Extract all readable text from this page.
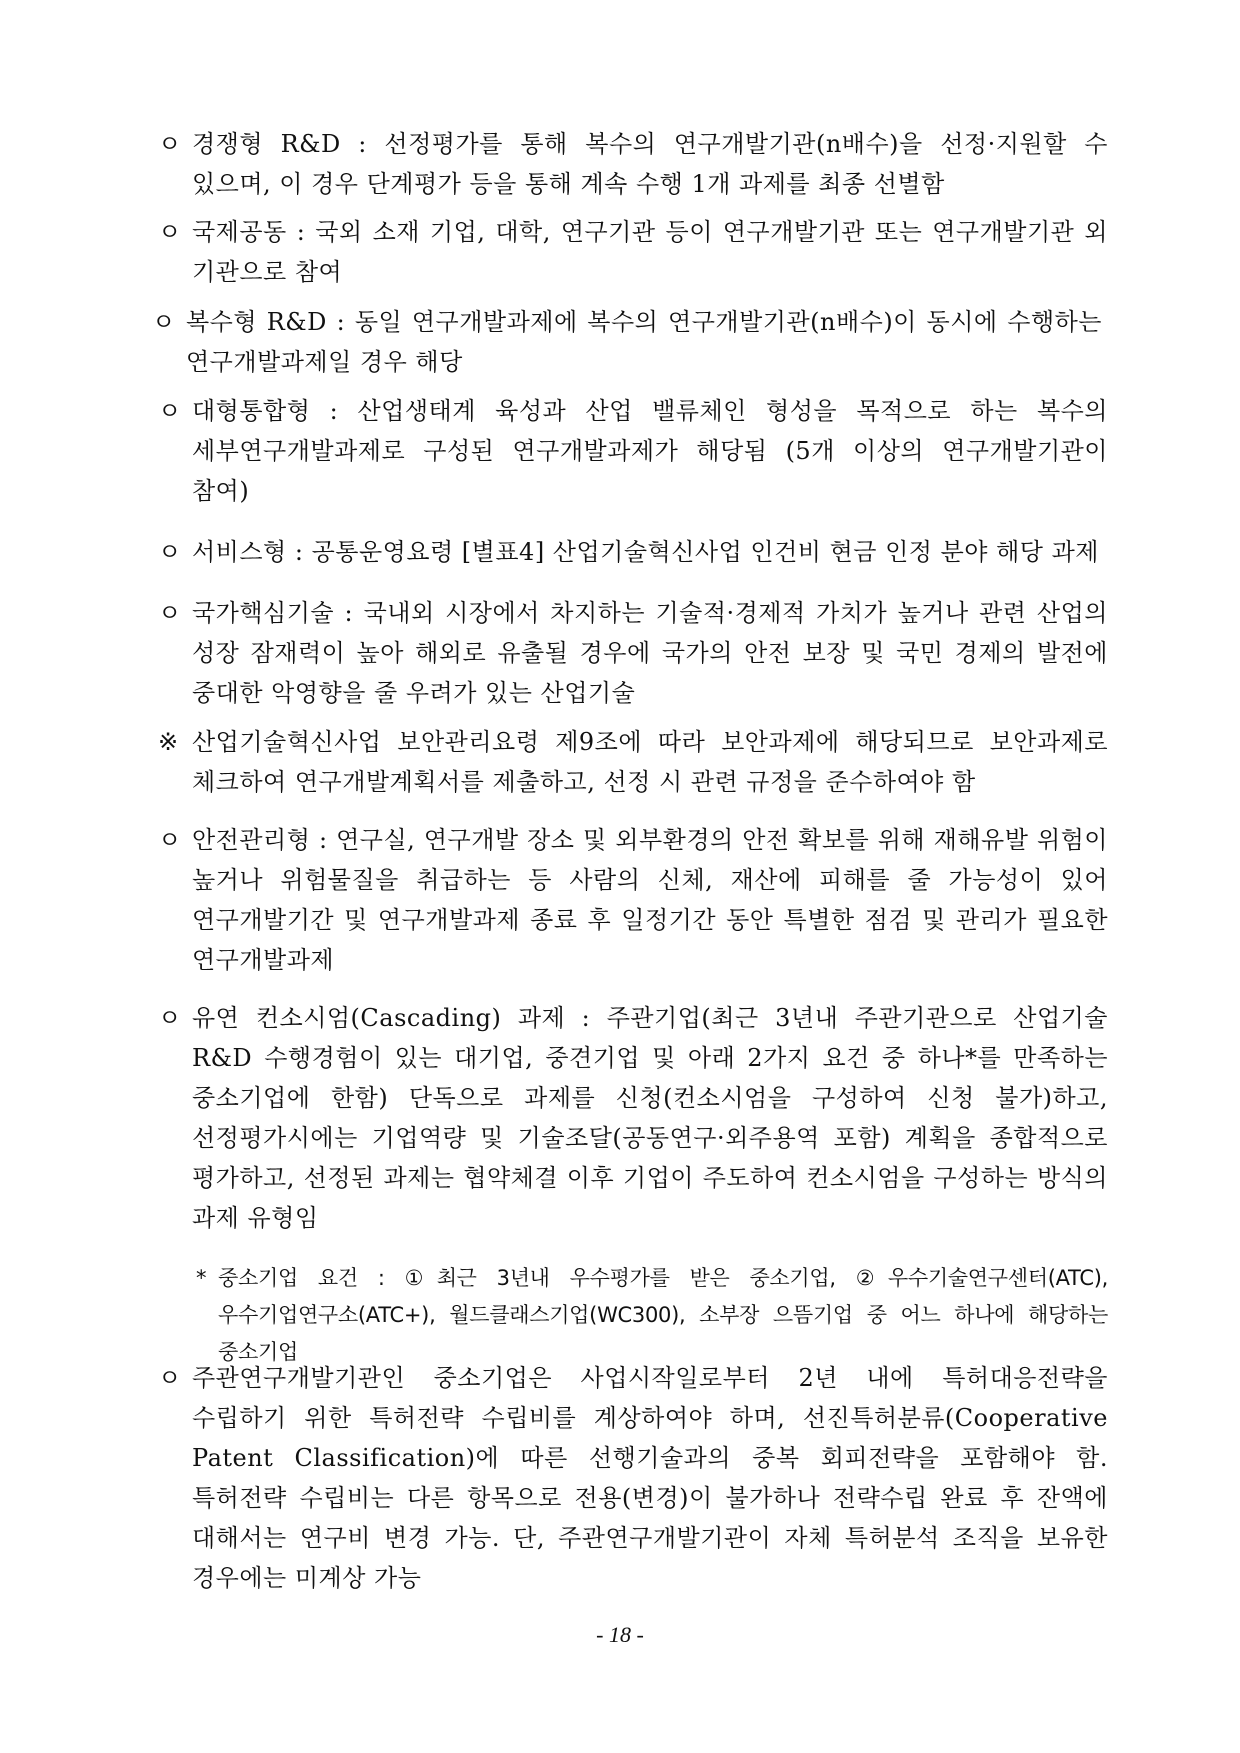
ㅇ 경쟁형 R&D : 선정평가를 통해 복수의 연구개발기관(n배수)을 선정·지원할 수 있으며, 이 경우 단계평가 등을 통해 계속 수행 1개 과제를 최종 선별함
ㅇ 국제공동 : 국외 소재 기업, 대학, 연구기관 등이 연구개발기관 또는 연구개발기관 외 기관으로 참여
ㅇ 복수형 R&D : 동일 연구개발과제에 복수의 연구개발기관(n배수)이 동시에 수행하는 연구개발과제일 경우 해당
ㅇ 대형통합형 : 산업생태계 육성과 산업 밸류체인 형성을 목적으로 하는 복수의 세부연구개발과제로 구성된 연구개발과제가 해당됨 (5개 이상의 연구개발기관이 참여)
ㅇ 서비스형 : 공통운영요령 [별표4] 산업기술혁신사업 인건비 현금 인정 분야 해당 과제
ㅇ 국가핵심기술 : 국내외 시장에서 차지하는 기술적·경제적 가치가 높거나 관련 산업의 성장 잠재력이 높아 해외로 유출될 경우에 국가의 안전 보장 및 국민 경제의 발전에 중대한 악영향을 줄 우려가 있는 산업기술
※ 산업기술혁신사업 보안관리요령 제9조에 따라 보안과제에 해당되므로 보안과제로 체크하여 연구개발계획서를 제출하고, 선정 시 관련 규정을 준수하여야 함
ㅇ 안전관리형 : 연구실, 연구개발 장소 및 외부환경의 안전 확보를 위해 재해유발 위험이 높거나 위험물질을 취급하는 등 사람의 신체, 재산에 피해를 줄 가능성이 있어 연구개발기간 및 연구개발과제 종료 후 일정기간 동안 특별한 점검 및 관리가 필요한 연구개발과제
ㅇ 유연 컨소시엄(Cascading) 과제 : 주관기업(최근 3년내 주관기관으로 산업기술 R&D 수행경험이 있는 대기업, 중견기업 및 아래 2가지 요건 중 하나*를 만족하는 중소기업에 한함) 단독으로 과제를 신청(컨소시엄을 구성하여 신청 불가)하고, 선정평가시에는 기업역량 및 기술조달(공동연구·외주용역 포함) 계획을 종합적으로 평가하고, 선정된 과제는 협약체결 이후 기업이 주도하여 컨소시엄을 구성하는 방식의 과제 유형임
* 중소기업 요건 : ①최근 3년내 우수평가를 받은 중소기업, ②우수기술연구센터(ATC), 우수기업연구소(ATC+), 월드클래스기업(WC300), 소부장 으뜸기업 중 어느 하나에 해당하는 중소기업
ㅇ 주관연구개발기관인 중소기업은 사업시작일로부터 2년 내에 특허대응전략을 수립하기 위한 특허전략 수립비를 계상하여야 하며, 선진특허분류(Cooperative Patent Classification)에 따른 선행기술과의 중복 회피전략을 포함해야 함. 특허전략 수립비는 다른 항목으로 전용(변경)이 불가하나 전략수립 완료 후 잔액에 대해서는 연구비 변경 가능. 단, 주관연구개발기관이 자체 특허분석 조직을 보유한 경우에는 미계상 가능
- 18 -
